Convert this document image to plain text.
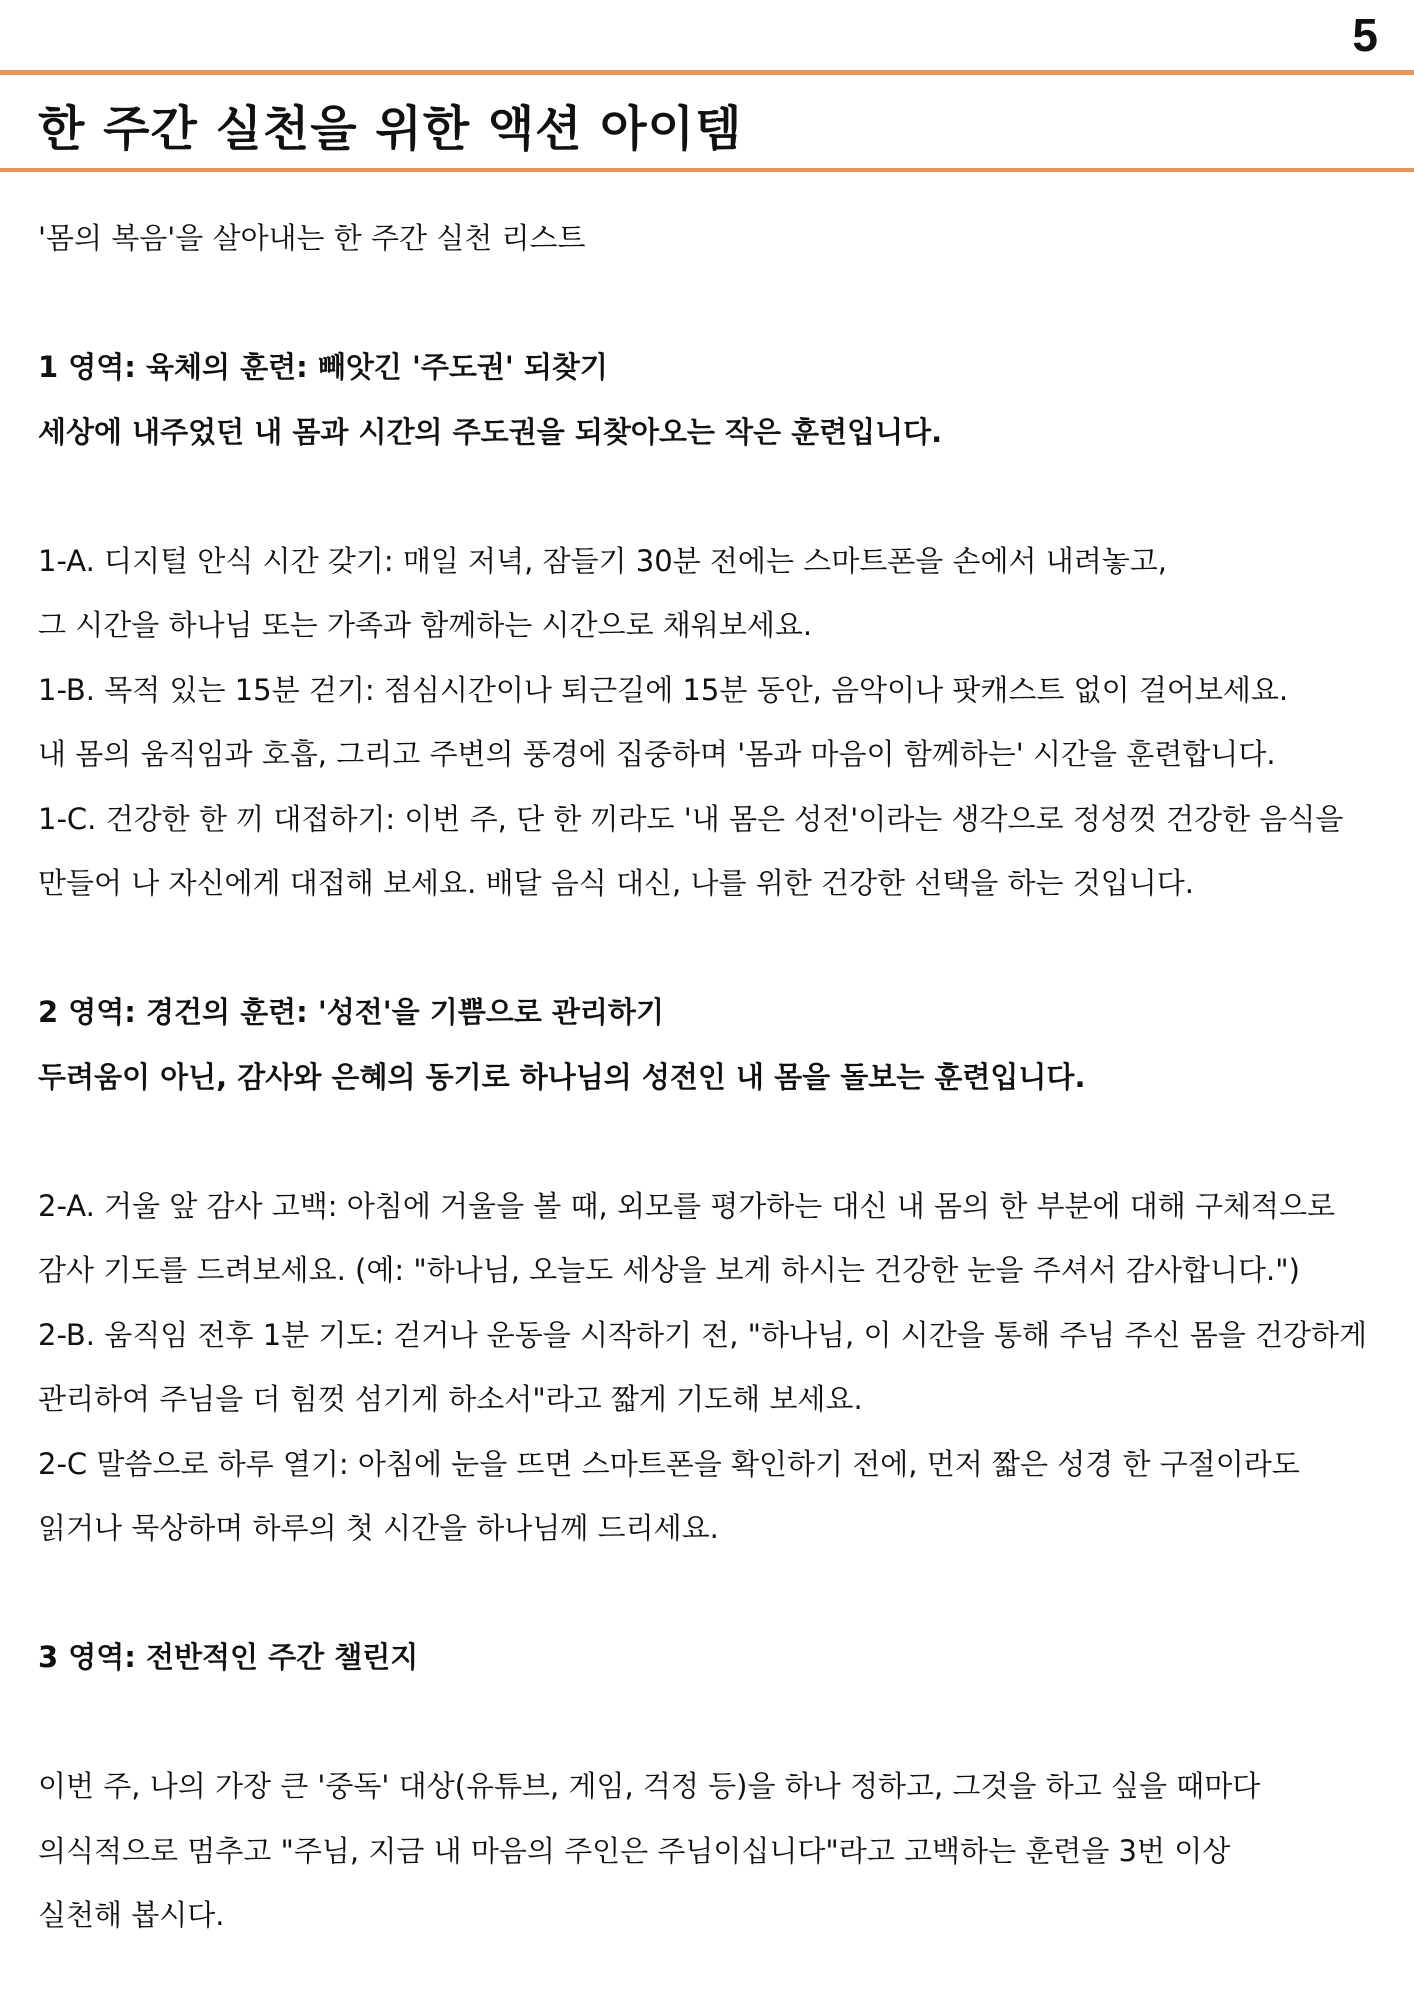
5
한 주간 실천을 위한 액션 아이템
'몸의 복음'을 살아내는 한 주간 실천 리스트
1 영역: 육체의 훈련: 빼앗긴 '주도권' 되찾기
세상에 내주었던 내 몸과 시간의 주도권을 되찾아오는 작은 훈련입니다.
1-A. 디지털 안식 시간 갖기: 매일 저녁, 잠들기 30분 전에는 스마트폰을 손에서 내려놓고,
그 시간을 하나님 또는 가족과 함께하는 시간으로 채워보세요.
1-B. 목적 있는 15분 걷기: 점심시간이나 퇴근길에 15분 동안, 음악이나 팟캐스트 없이 걸어보세요.
내 몸의 움직임과 호흡, 그리고 주변의 풍경에 집중하며 '몸과 마음이 함께하는' 시간을 훈련합니다.
1-C. 건강한 한 끼 대접하기: 이번 주, 단 한 끼라도 '내 몸은 성전'이라는 생각으로 정성껏 건강한 음식을
만들어 나 자신에게 대접해 보세요. 배달 음식 대신, 나를 위한 건강한 선택을 하는 것입니다.
2 영역: 경건의 훈련: '성전'을 기쁨으로 관리하기
두려움이 아닌, 감사와 은혜의 동기로 하나님의 성전인 내 몸을 돌보는 훈련입니다.
2-A. 거울 앞 감사 고백: 아침에 거울을 볼 때, 외모를 평가하는 대신 내 몸의 한 부분에 대해 구체적으로
감사 기도를 드려보세요. (예: "하나님, 오늘도 세상을 보게 하시는 건강한 눈을 주셔서 감사합니다.")
2-B. 움직임 전후 1분 기도: 걷거나 운동을 시작하기 전, "하나님, 이 시간을 통해 주님 주신 몸을 건강하게
관리하여 주님을 더 힘껏 섬기게 하소서"라고 짧게 기도해 보세요.
2-C 말씀으로 하루 열기: 아침에 눈을 뜨면 스마트폰을 확인하기 전에, 먼저 짧은 성경 한 구절이라도
읽거나 묵상하며 하루의 첫 시간을 하나님께 드리세요.
3 영역: 전반적인 주간 챌린지
이번 주, 나의 가장 큰 '중독' 대상(유튜브, 게임, 걱정 등)을 하나 정하고, 그것을 하고 싶을 때마다
의식적으로 멈추고 "주님, 지금 내 마음의 주인은 주님이십니다"라고 고백하는 훈련을 3번 이상
실천해 봅시다.
